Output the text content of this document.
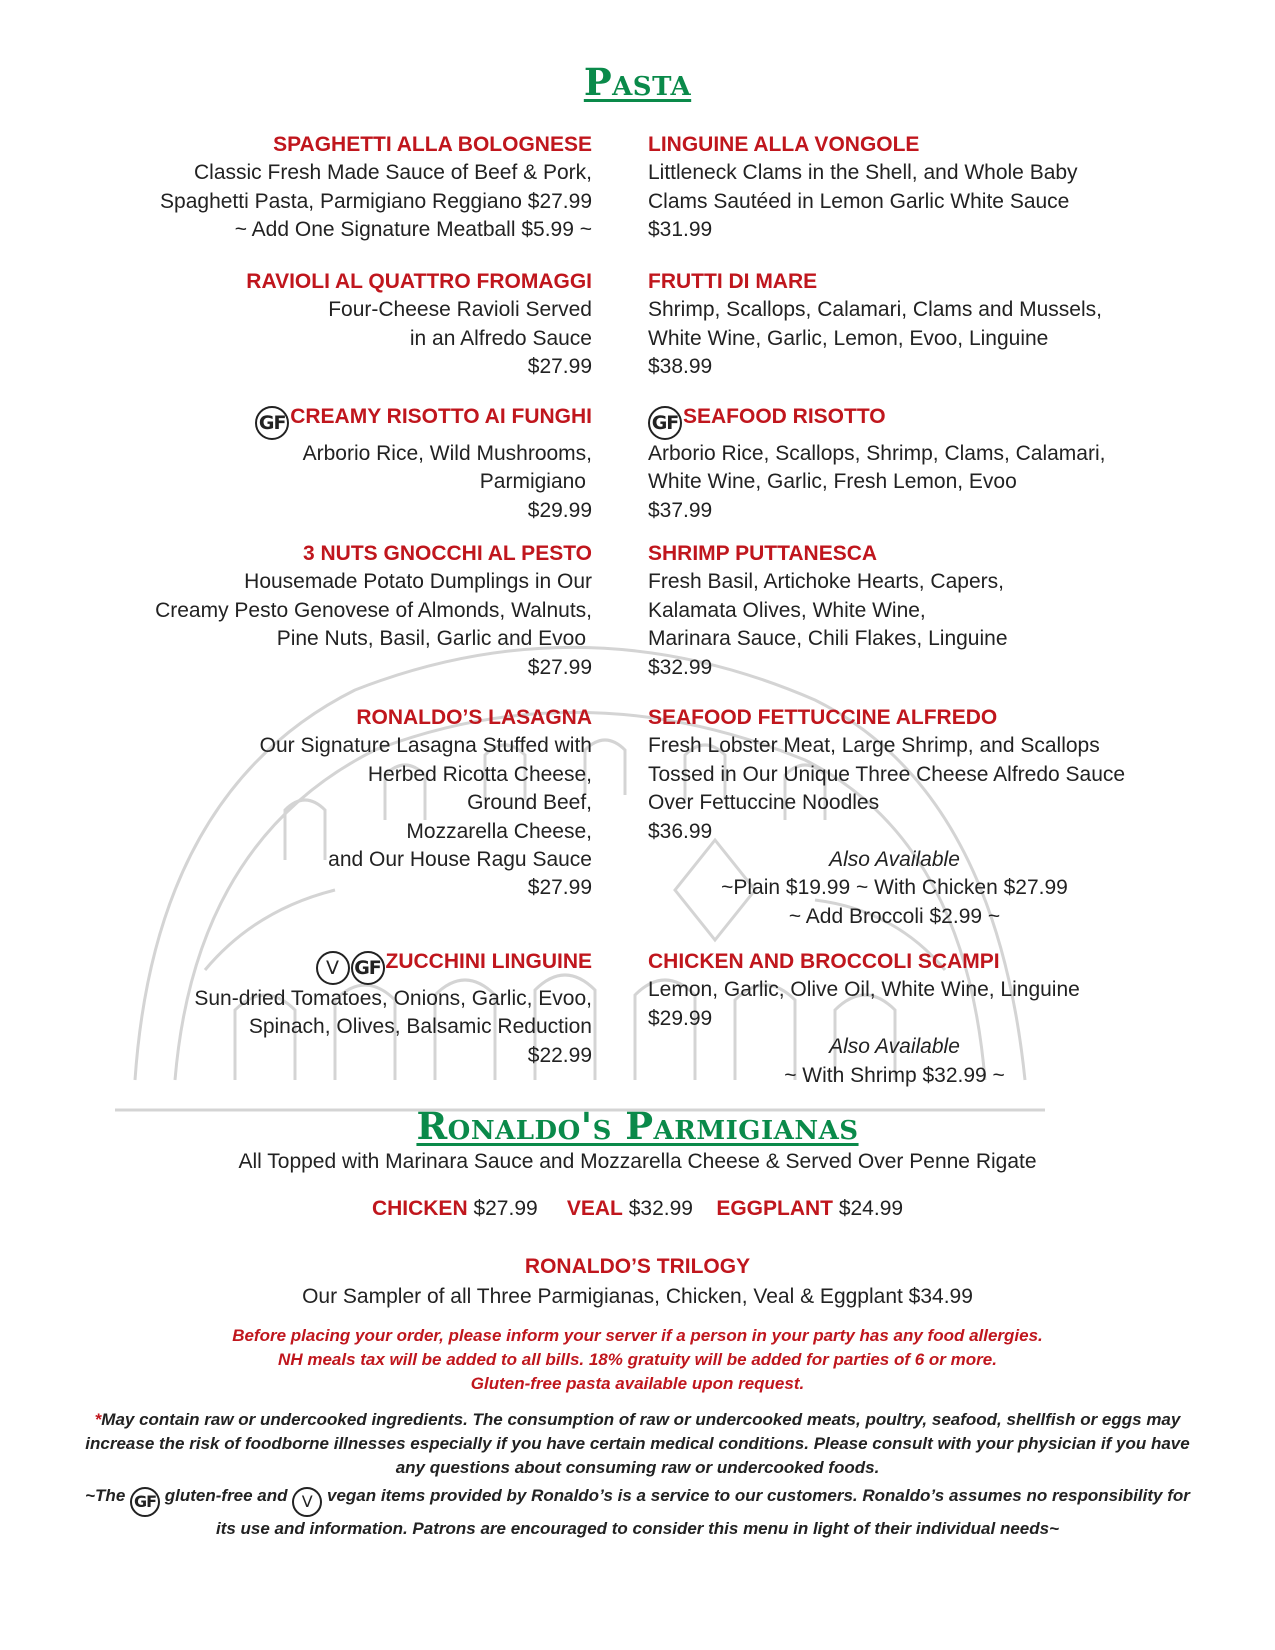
Pasta
SPAGHETTI ALLA BOLOGNESE
Classic Fresh Made Sauce of Beef & Pork,
Spaghetti Pasta, Parmigiano Reggiano $27.99
~ Add One Signature Meatball $5.99 ~
RAVIOLI AL QUATTRO FROMAGGI
Four-Cheese Ravioli Served
in an Alfredo Sauce
$27.99
GF CREAMY RISOTTO AI FUNGHI
Arborio Rice, Wild Mushrooms,
Parmigiano
$29.99
3 NUTS GNOCCHI AL PESTO
Housemade Potato Dumplings in Our
Creamy Pesto Genovese of Almonds, Walnuts,
Pine Nuts, Basil, Garlic and Evoo
$27.99
RONALDO’S LASAGNA
Our Signature Lasagna Stuffed with
Herbed Ricotta Cheese,
Ground Beef,
Mozzarella Cheese,
and Our House Ragu Sauce
$27.99
V GF ZUCCHINI LINGUINE
Sun-dried Tomatoes, Onions, Garlic, Evoo,
Spinach, Olives, Balsamic Reduction
$22.99
LINGUINE ALLA VONGOLE
Littleneck Clams in the Shell, and Whole Baby
Clams Sautéed in Lemon Garlic White Sauce
$31.99
FRUTTI DI MARE
Shrimp, Scallops, Calamari, Clams and Mussels,
White Wine, Garlic, Lemon, Evoo, Linguine
$38.99
GF SEAFOOD RISOTTO
Arborio Rice, Scallops, Shrimp, Clams, Calamari,
White Wine, Garlic, Fresh Lemon, Evoo
$37.99
SHRIMP PUTTANESCA
Fresh Basil, Artichoke Hearts, Capers,
Kalamata Olives, White Wine,
Marinara Sauce, Chili Flakes, Linguine
$32.99
SEAFOOD FETTUCCINE ALFREDO
Fresh Lobster Meat, Large Shrimp, and Scallops
Tossed in Our Unique Three Cheese Alfredo Sauce
Over Fettuccine Noodles
$36.99
Also Available
~Plain $19.99 ~ With Chicken $27.99
~ Add Broccoli $2.99 ~
CHICKEN AND BROCCOLI SCAMPI
Lemon, Garlic, Olive Oil, White Wine, Linguine
$29.99
Also Available
~ With Shrimp $32.99 ~
Ronaldo's Parmigianas
All Topped with Marinara Sauce and Mozzarella Cheese & Served Over Penne Rigate
CHICKEN $27.99 VEAL $32.99 EGGPLANT $24.99
RONALDO’S TRILOGY
Our Sampler of all Three Parmigianas, Chicken, Veal & Eggplant $34.99
Before placing your order, please inform your server if a person in your party has any food allergies.
NH meals tax will be added to all bills. 18% gratuity will be added for parties of 6 or more.
Gluten-free pasta available upon request.
*May contain raw or undercooked ingredients. The consumption of raw or undercooked meats, poultry, seafood, shellfish or eggs may increase the risk of foodborne illnesses especially if you have certain medical conditions. Please consult with your physician if you have any questions about consuming raw or undercooked foods.
~The GF gluten-free and V vegan items provided by Ronaldo’s is a service to our customers. Ronaldo’s assumes no responsibility for its use and information. Patrons are encouraged to consider this menu in light of their individual needs~
